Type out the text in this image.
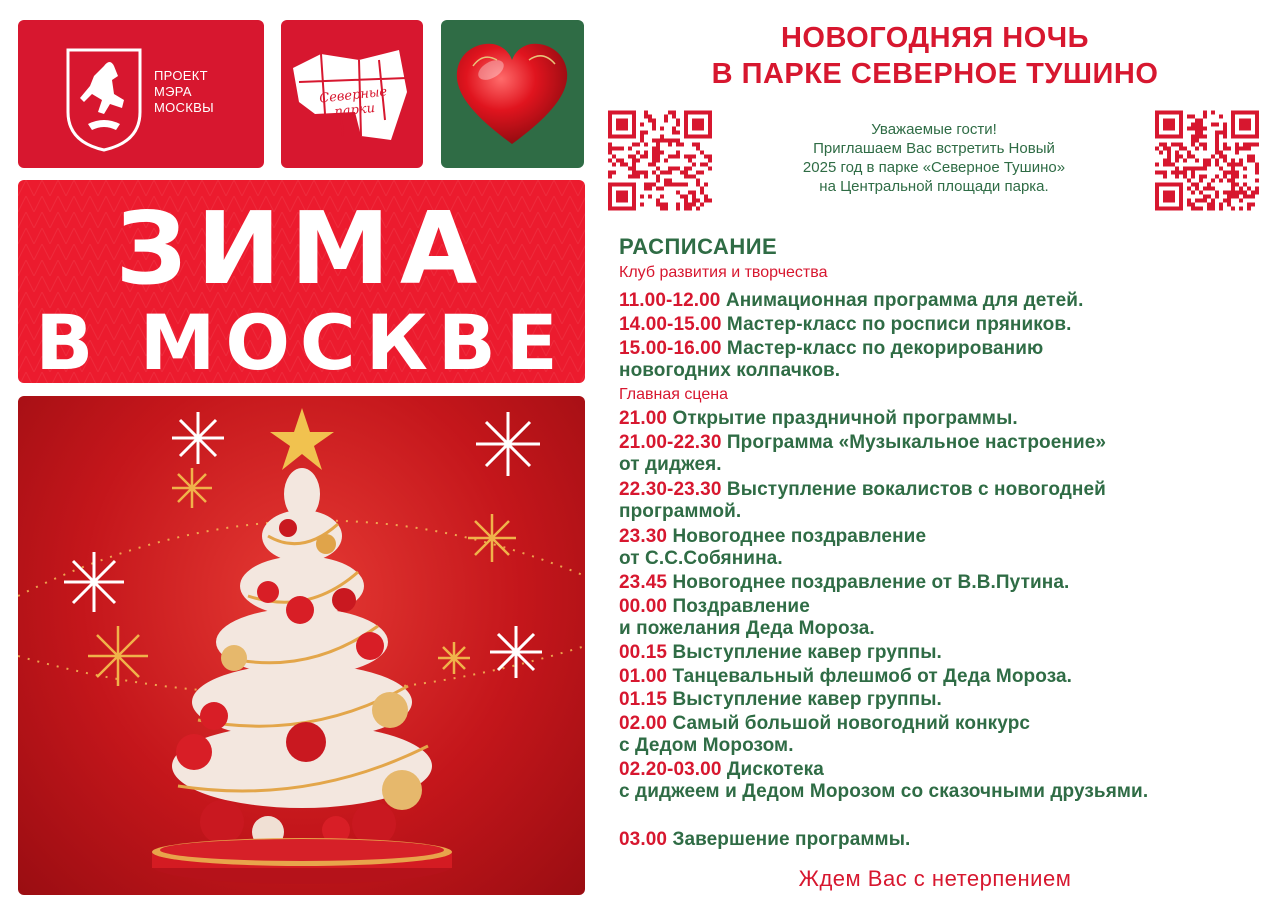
ПРОЕКТ
МЭРА
МОСКВЫ
Северные парки
ЗИМА
В МОСКВЕ
НОВОГОДНЯЯ НОЧЬ
В ПАРКЕ СЕВЕРНОЕ ТУШИНО
Уважаемые гости!
Приглашаем Вас встретить Новый
2025 год в парке «Северное Тушино»
на Центральной площади парка.
РАСПИСАНИЕ
Клуб развития и творчества
Главная сцена
11.00-12.00 Анимационная программа для детей.
14.00-15.00 Мастер-класс по росписи пряников.
15.00-16.00 Мастер-класс по декорированию
новогодних колпачков.
21.00 Открытие праздничной программы.
21.00-22.30 Программа «Музыкальное настроение»
от диджея.
22.30-23.30 Выступление вокалистов с новогодней
программой.
23.30 Новогоднее поздравление
от С.С.Собянина.
23.45 Новогоднее поздравление от В.В.Путина.
00.00 Поздравление
и пожелания Деда Мороза.
00.15 Выступление кавер группы.
01.00 Танцевальный флешмоб от Деда Мороза.
01.15 Выступление кавер группы.
02.00 Самый большой новогодний конкурс
с Дедом Морозом.
02.20-03.00 Дискотека
с диджеем и Дедом Морозом со сказочными друзьями.
03.00 Завершение программы.
Ждем Вас с нетерпением
